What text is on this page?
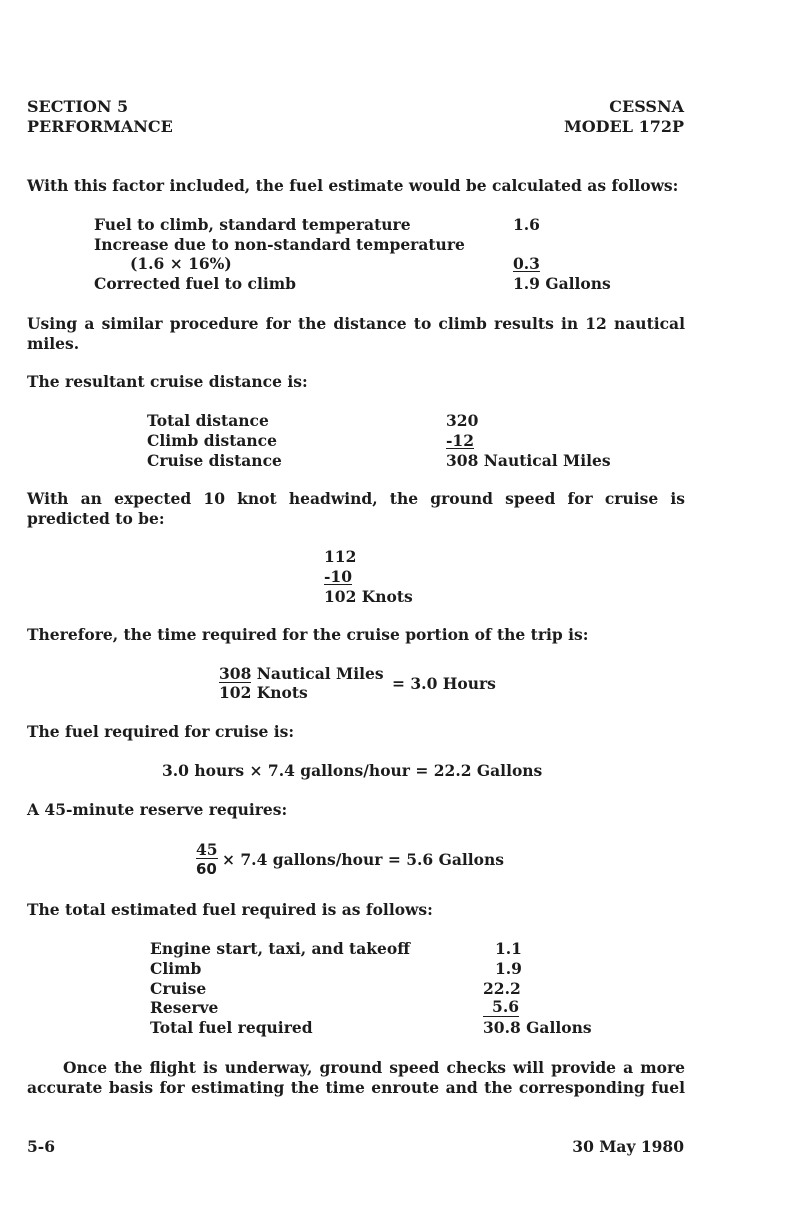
SECTION 5
PERFORMANCE
CESSNA
MODEL 172P
With this factor included, the fuel estimate would be calculated as follows:
Fuel to climb, standard temperature	1.6
Increase due to non-standard temperature
(1.6 × 16%)	0.3
Corrected fuel to climb	1.9 Gallons
Using a similar procedure for the distance to climb results in 12 nautical miles.
The resultant cruise distance is:
Total distance	320
Climb distance	-12
Cruise distance	308 Nautical Miles
With an expected 10 knot headwind, the ground speed for cruise is
predicted to be:
112
-10
102 Knots
Therefore, the time required for the cruise portion of the trip is:
308 Nautical Miles
102 Knots	= 3.0 Hours
The fuel required for cruise is:
3.0 hours × 7.4 gallons/hour = 22.2 Gallons
A 45-minute reserve requires:
45
60 × 7.4 gallons/hour = 5.6 Gallons
The total estimated fuel required is as follows:
Engine start, taxi, and takeoff	1.1
Climb	1.9
Cruise	22.2
Reserve	5.6
Total fuel required	30.8 Gallons
Once the flight is underway, ground speed checks will provide a more
accurate basis for estimating the time enroute and the corresponding fuel
5-6	30 May 1980
